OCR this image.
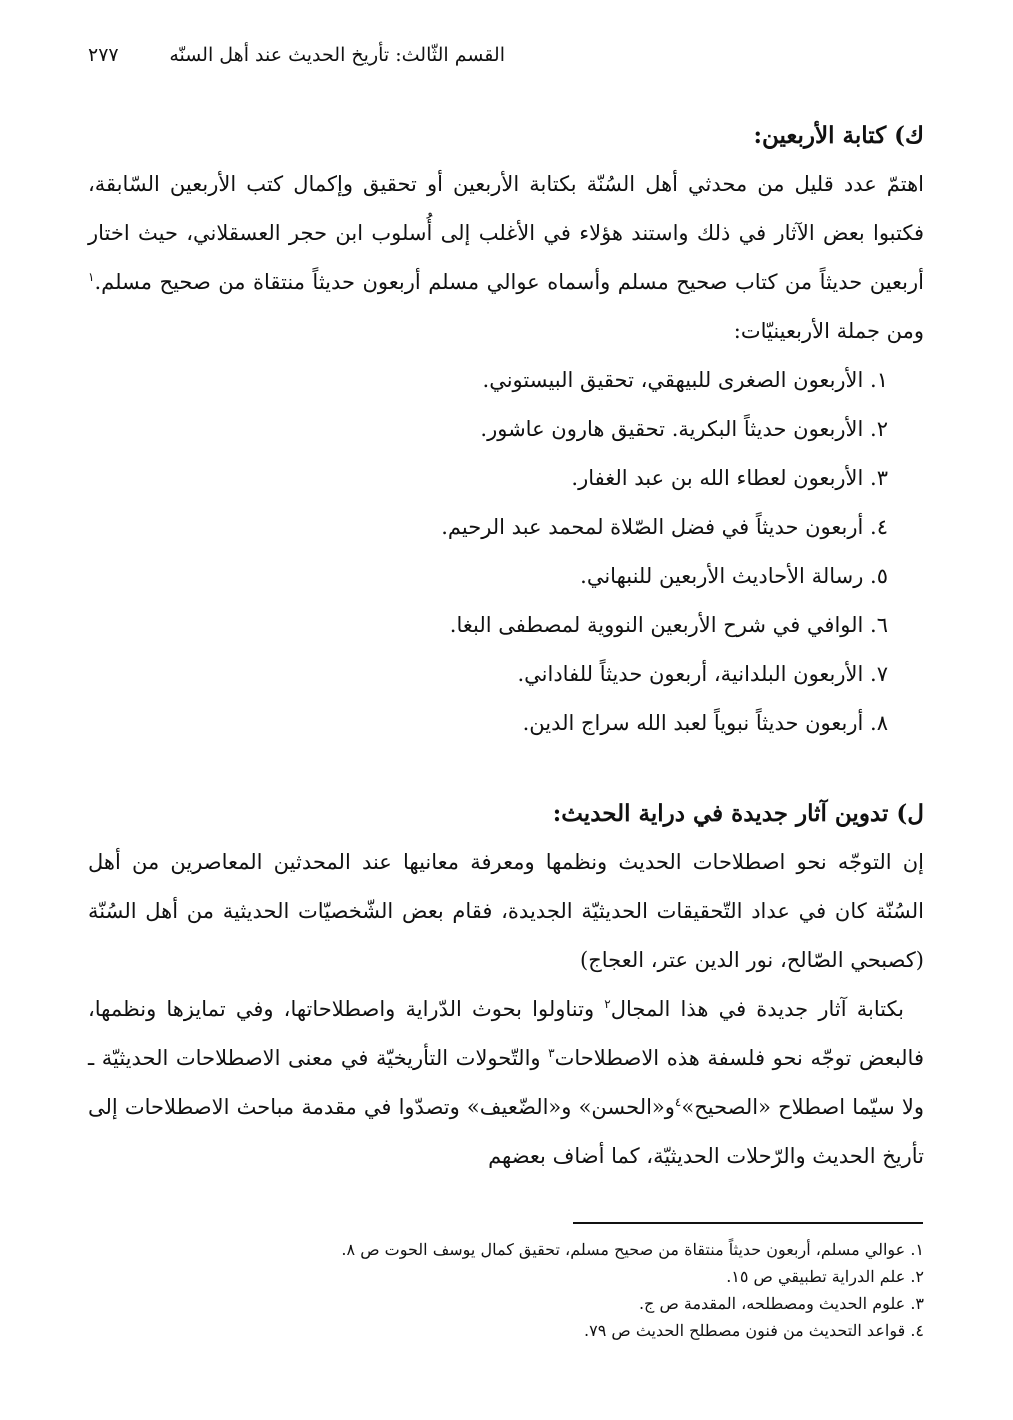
٢٧٧	القسم الثّالث: تأريخ الحديث عند أهل السنّه
ك) كتابة الأربعين:

اهتمّ عدد قليل من محدثي أهل السُنّة بكتابة الأربعين أو تحقيق وإكمال كتب الأربعين السّابقة، فكتبوا بعض الآثار في ذلك واستند هؤلاء في الأغلب إلى أُسلوب ابن حجر العسقلاني، حيث اختار أربعين حديثاً من كتاب صحيح مسلم وأسماه عوالي مسلم أربعون حديثاً منتقاة من صحيح مسلم.$^١$ ومن جملة الأربعينيّات:

١. الأربعون الصغرى للبيهقي، تحقيق البيستوني.
٢. الأربعون حديثاً البكرية. تحقيق هارون عاشور.
٣. الأربعون لعطاء الله بن عبد الغفار.
٤. أربعون حديثاً في فضل الصّلاة لمحمد عبد الرحيم.
٥. رسالة الأحاديث الأربعين للنبهاني.
٦. الوافي في شرح الأربعين النووية لمصطفى البغا.
٧. الأربعون البلدانية، أربعون حديثاً للفاداني.
٨. أربعون حديثاً نبوياً لعبد الله سراج الدين.
ل) تدوين آثار جديدة في دراية الحديث:

إن التوجّه نحو اصطلاحات الحديث ونظمها ومعرفة معانيها عند المحدثين المعاصرين من أهل السُنّة كان في عداد التّحقيقات الحديثيّة الجديدة، فقام بعض الشّخصيّات الحديثية من أهل السُنّة (كصبحي الصّالح، نور الدين عتر، العجاج)

بكتابة آثار جديدة في هذا المجال$^٢$ وتناولوا بحوث الدّراية واصطلاحاتها، وفي تمايزها ونظمها، فالبعض توجّه نحو فلسفة هذه الاصطلاحات$^٣$ والتّحولات التأريخيّة في معنى الاصطلاحات الحديثيّة ـ ولا سيّما اصطلاح «الصحيح»$^٤$و«الحسن» و«الضّعيف» وتصدّوا في مقدمة مباحث الاصطلاحات إلى تأريخ الحديث والرّحلات الحديثيّة، كما أضاف بعضهم

١. عوالي مسلم، أربعون حديثاً منتقاة من صحيح مسلم، تحقيق كمال يوسف الحوت ص ٨.
٢. علم الدراية تطبيقي ص ١٥.
٣. علوم الحديث ومصطلحه، المقدمة ص ج.
٤. قواعد التحديث من فنون مصطلح الحديث ص ٧٩.
